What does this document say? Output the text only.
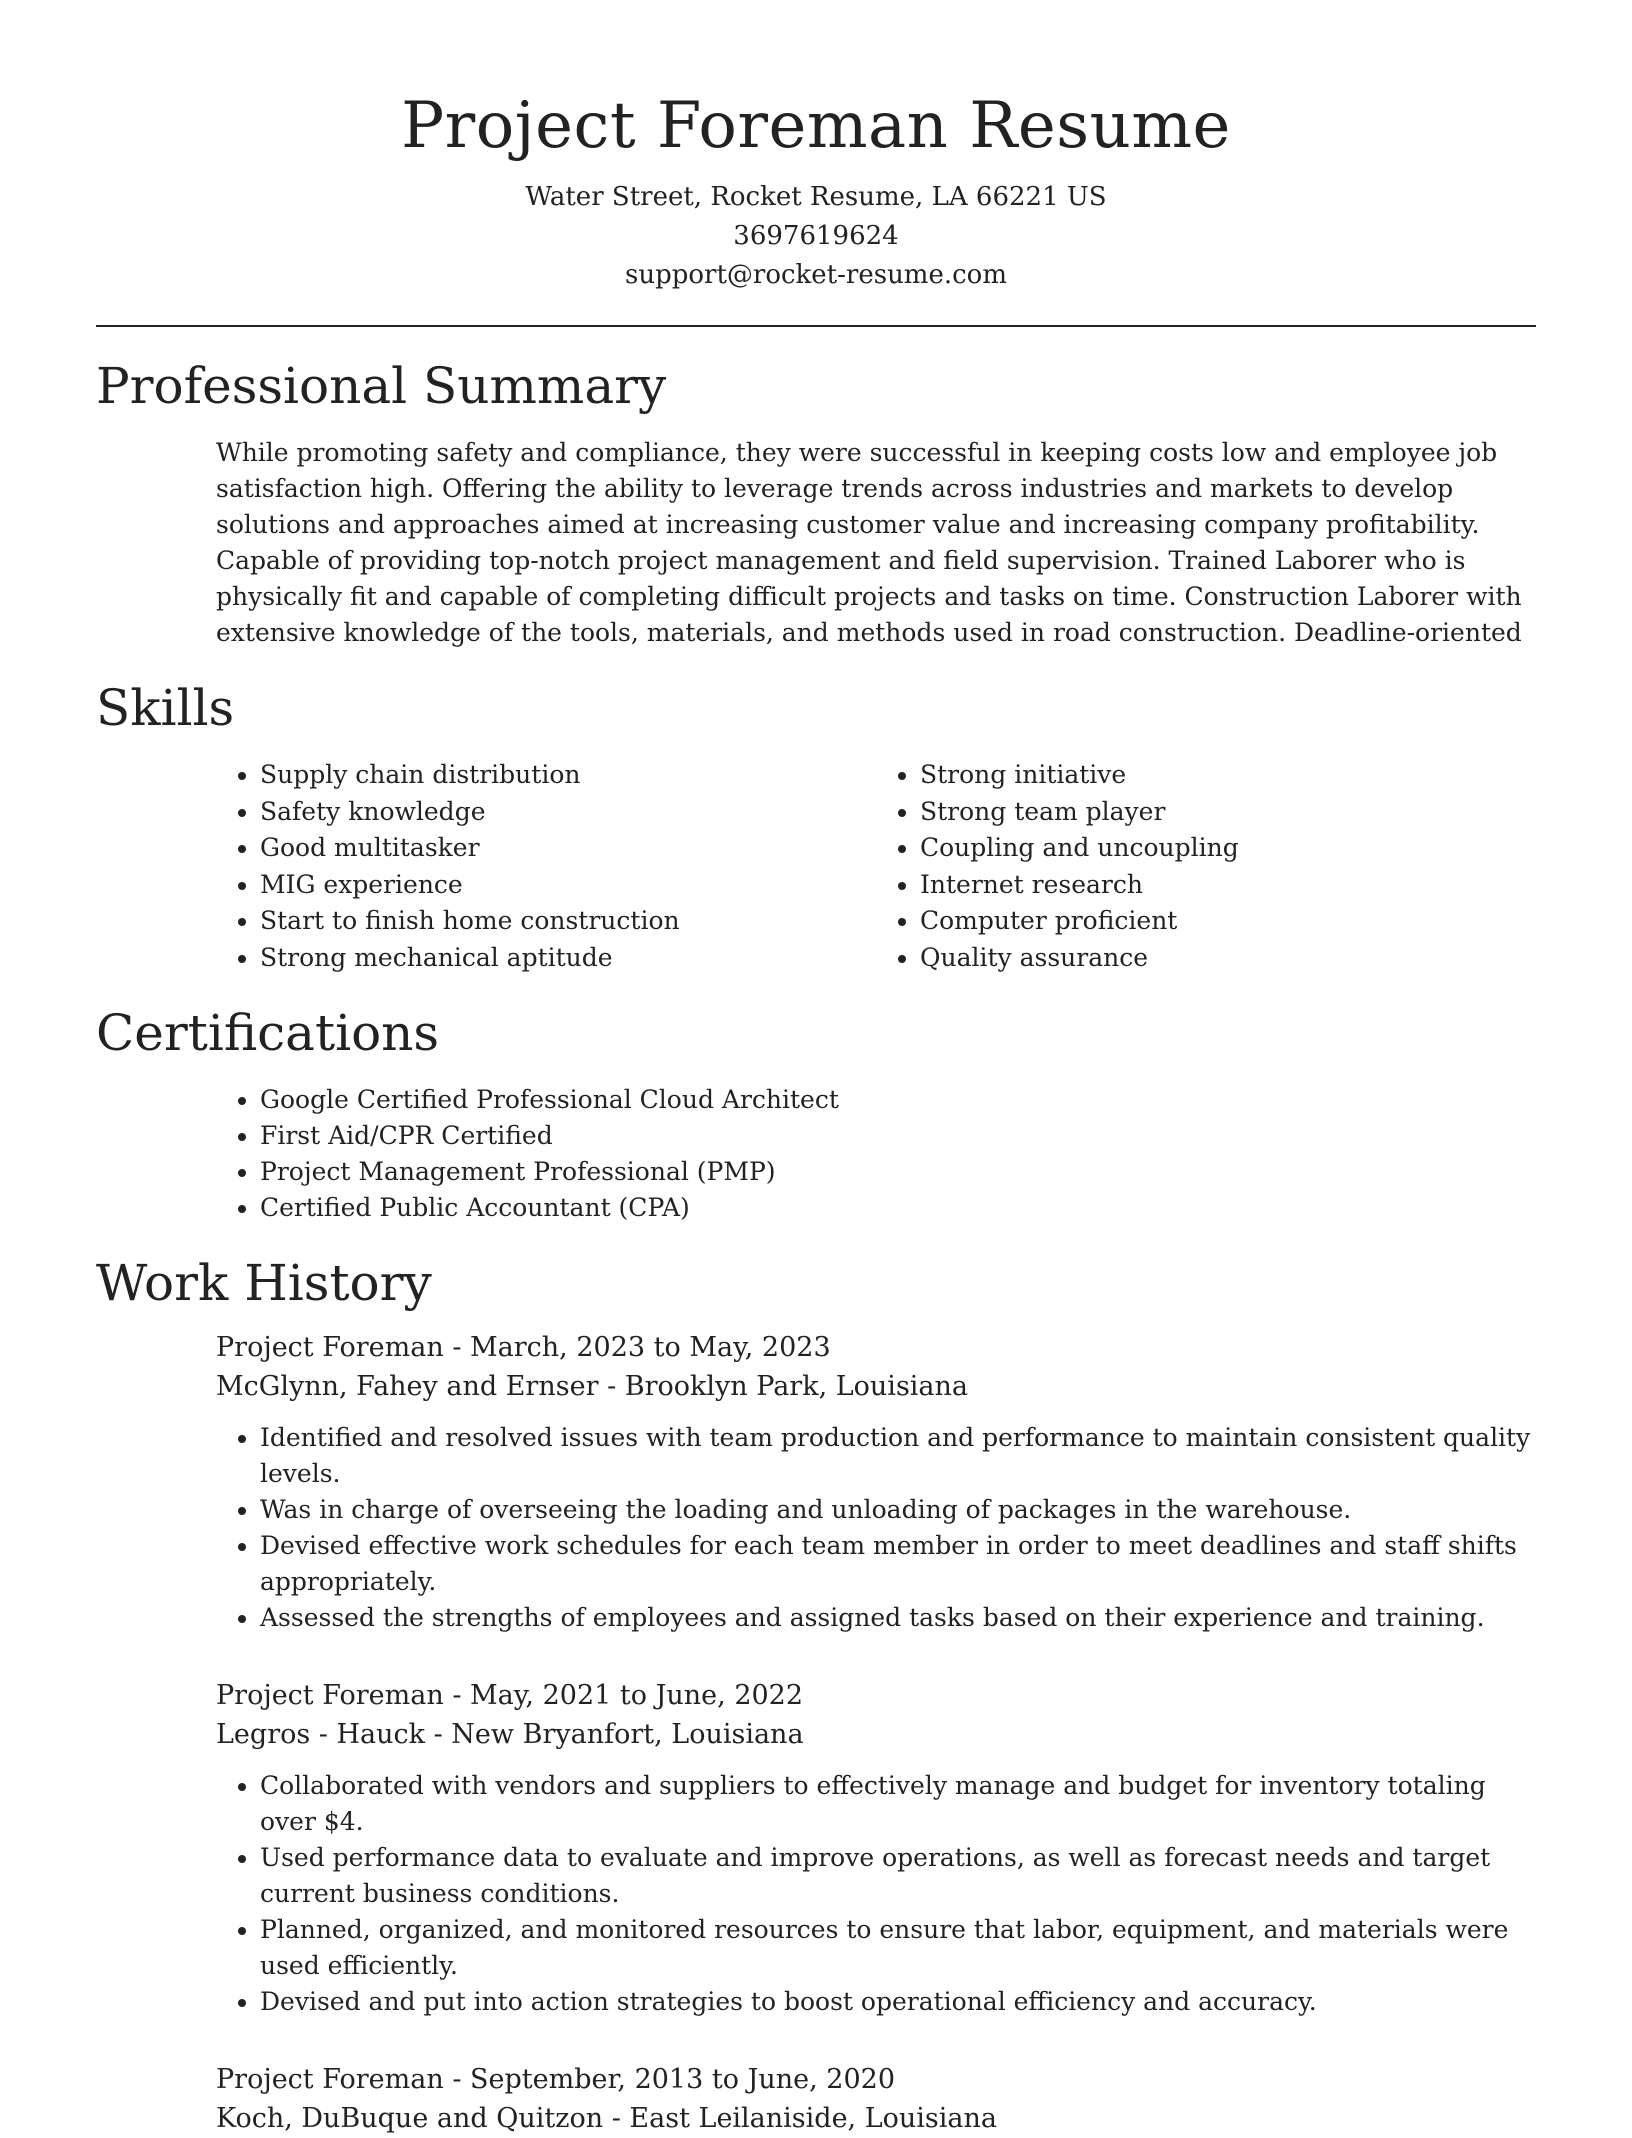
Project Foreman Resume
Water Street, Rocket Resume, LA 66221 US
3697619624
support@rocket-resume.com
Professional Summary

While promoting safety and compliance, they were successful in keeping costs low and employee job satisfaction high. Offering the ability to leverage trends across industries and markets to develop solutions and approaches aimed at increasing customer value and increasing company profitability. Capable of providing top-notch project management and field supervision. Trained Laborer who is physically fit and capable of completing difficult projects and tasks on time. Construction Laborer with extensive knowledge of the tools, materials, and methods used in road construction. Deadline-oriented

Skills
• Supply chain distribution
• Safety knowledge
• Good multitasker
• MIG experience
• Start to finish home construction
• Strong mechanical aptitude
• Strong initiative
• Strong team player
• Coupling and uncoupling
• Internet research
• Computer proficient
• Quality assurance
Certifications
• Google Certified Professional Cloud Architect
• First Aid/CPR Certified
• Project Management Professional (PMP)
• Certified Public Accountant (CPA)
Work History
Project Foreman - March, 2023 to May, 2023
McGlynn, Fahey and Ernser - Brooklyn Park, Louisiana
• Identified and resolved issues with team production and performance to maintain consistent quality levels.
• Was in charge of overseeing the loading and unloading of packages in the warehouse.
• Devised effective work schedules for each team member in order to meet deadlines and staff shifts appropriately.
• Assessed the strengths of employees and assigned tasks based on their experience and training.
Project Foreman - May, 2021 to June, 2022
Legros - Hauck - New Bryanfort, Louisiana
• Collaborated with vendors and suppliers to effectively manage and budget for inventory totaling over $4.
• Used performance data to evaluate and improve operations, as well as forecast needs and target current business conditions.
• Planned, organized, and monitored resources to ensure that labor, equipment, and materials were used efficiently.
• Devised and put into action strategies to boost operational efficiency and accuracy.
Project Foreman - September, 2013 to June, 2020
Koch, DuBuque and Quitzon - East Leilaniside, Louisiana
